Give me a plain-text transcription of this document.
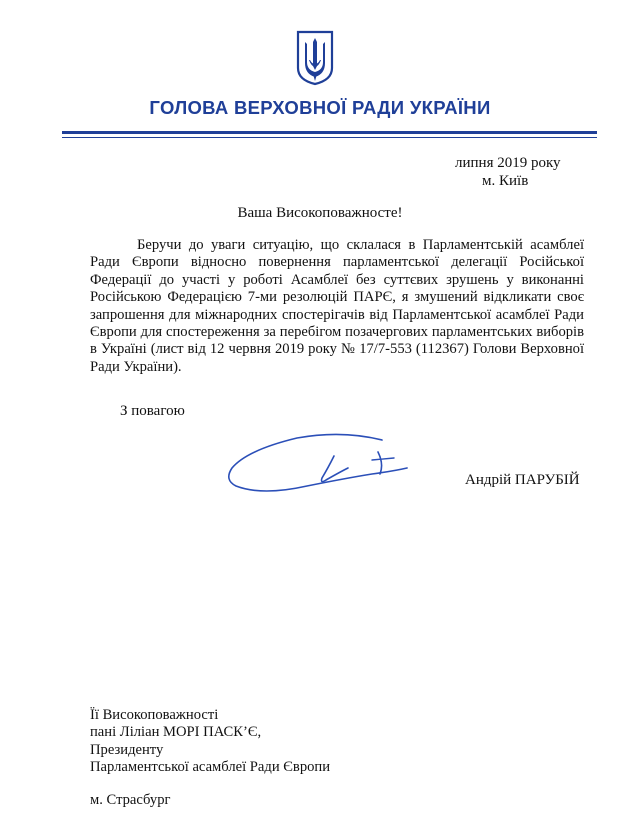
ГОЛОВА ВЕРХОВНОЇ РАДИ УКРАЇНИ
липня 2019 року
м. Київ
Ваша Високоповажносте!

Беручи до уваги ситуацію, що склалася в Парламентській асамблеї Ради Європи відносно повернення парламентської делегації Російської Федерації до участі у роботі Асамблеї без суттєвих зрушень у виконанні Російською Федерацією 7-ми резолюцій ПАРЄ, я змушений відкликати своє запрошення для міжнародних спостерігачів від Парламентської асамблеї Ради Європи для спостереження за перебігом позачергових парламентських виборів в Україні (лист від 12 червня 2019 року № 17/7-553 (112367) Голови Верховної Ради України).

З повагою
Андрій ПАРУБІЙ
Її Високоповажності
пані Ліліан МОРІ ПАСК’Є,
Президенту
Парламентської асамблеї Ради Європи
м. Страсбург
